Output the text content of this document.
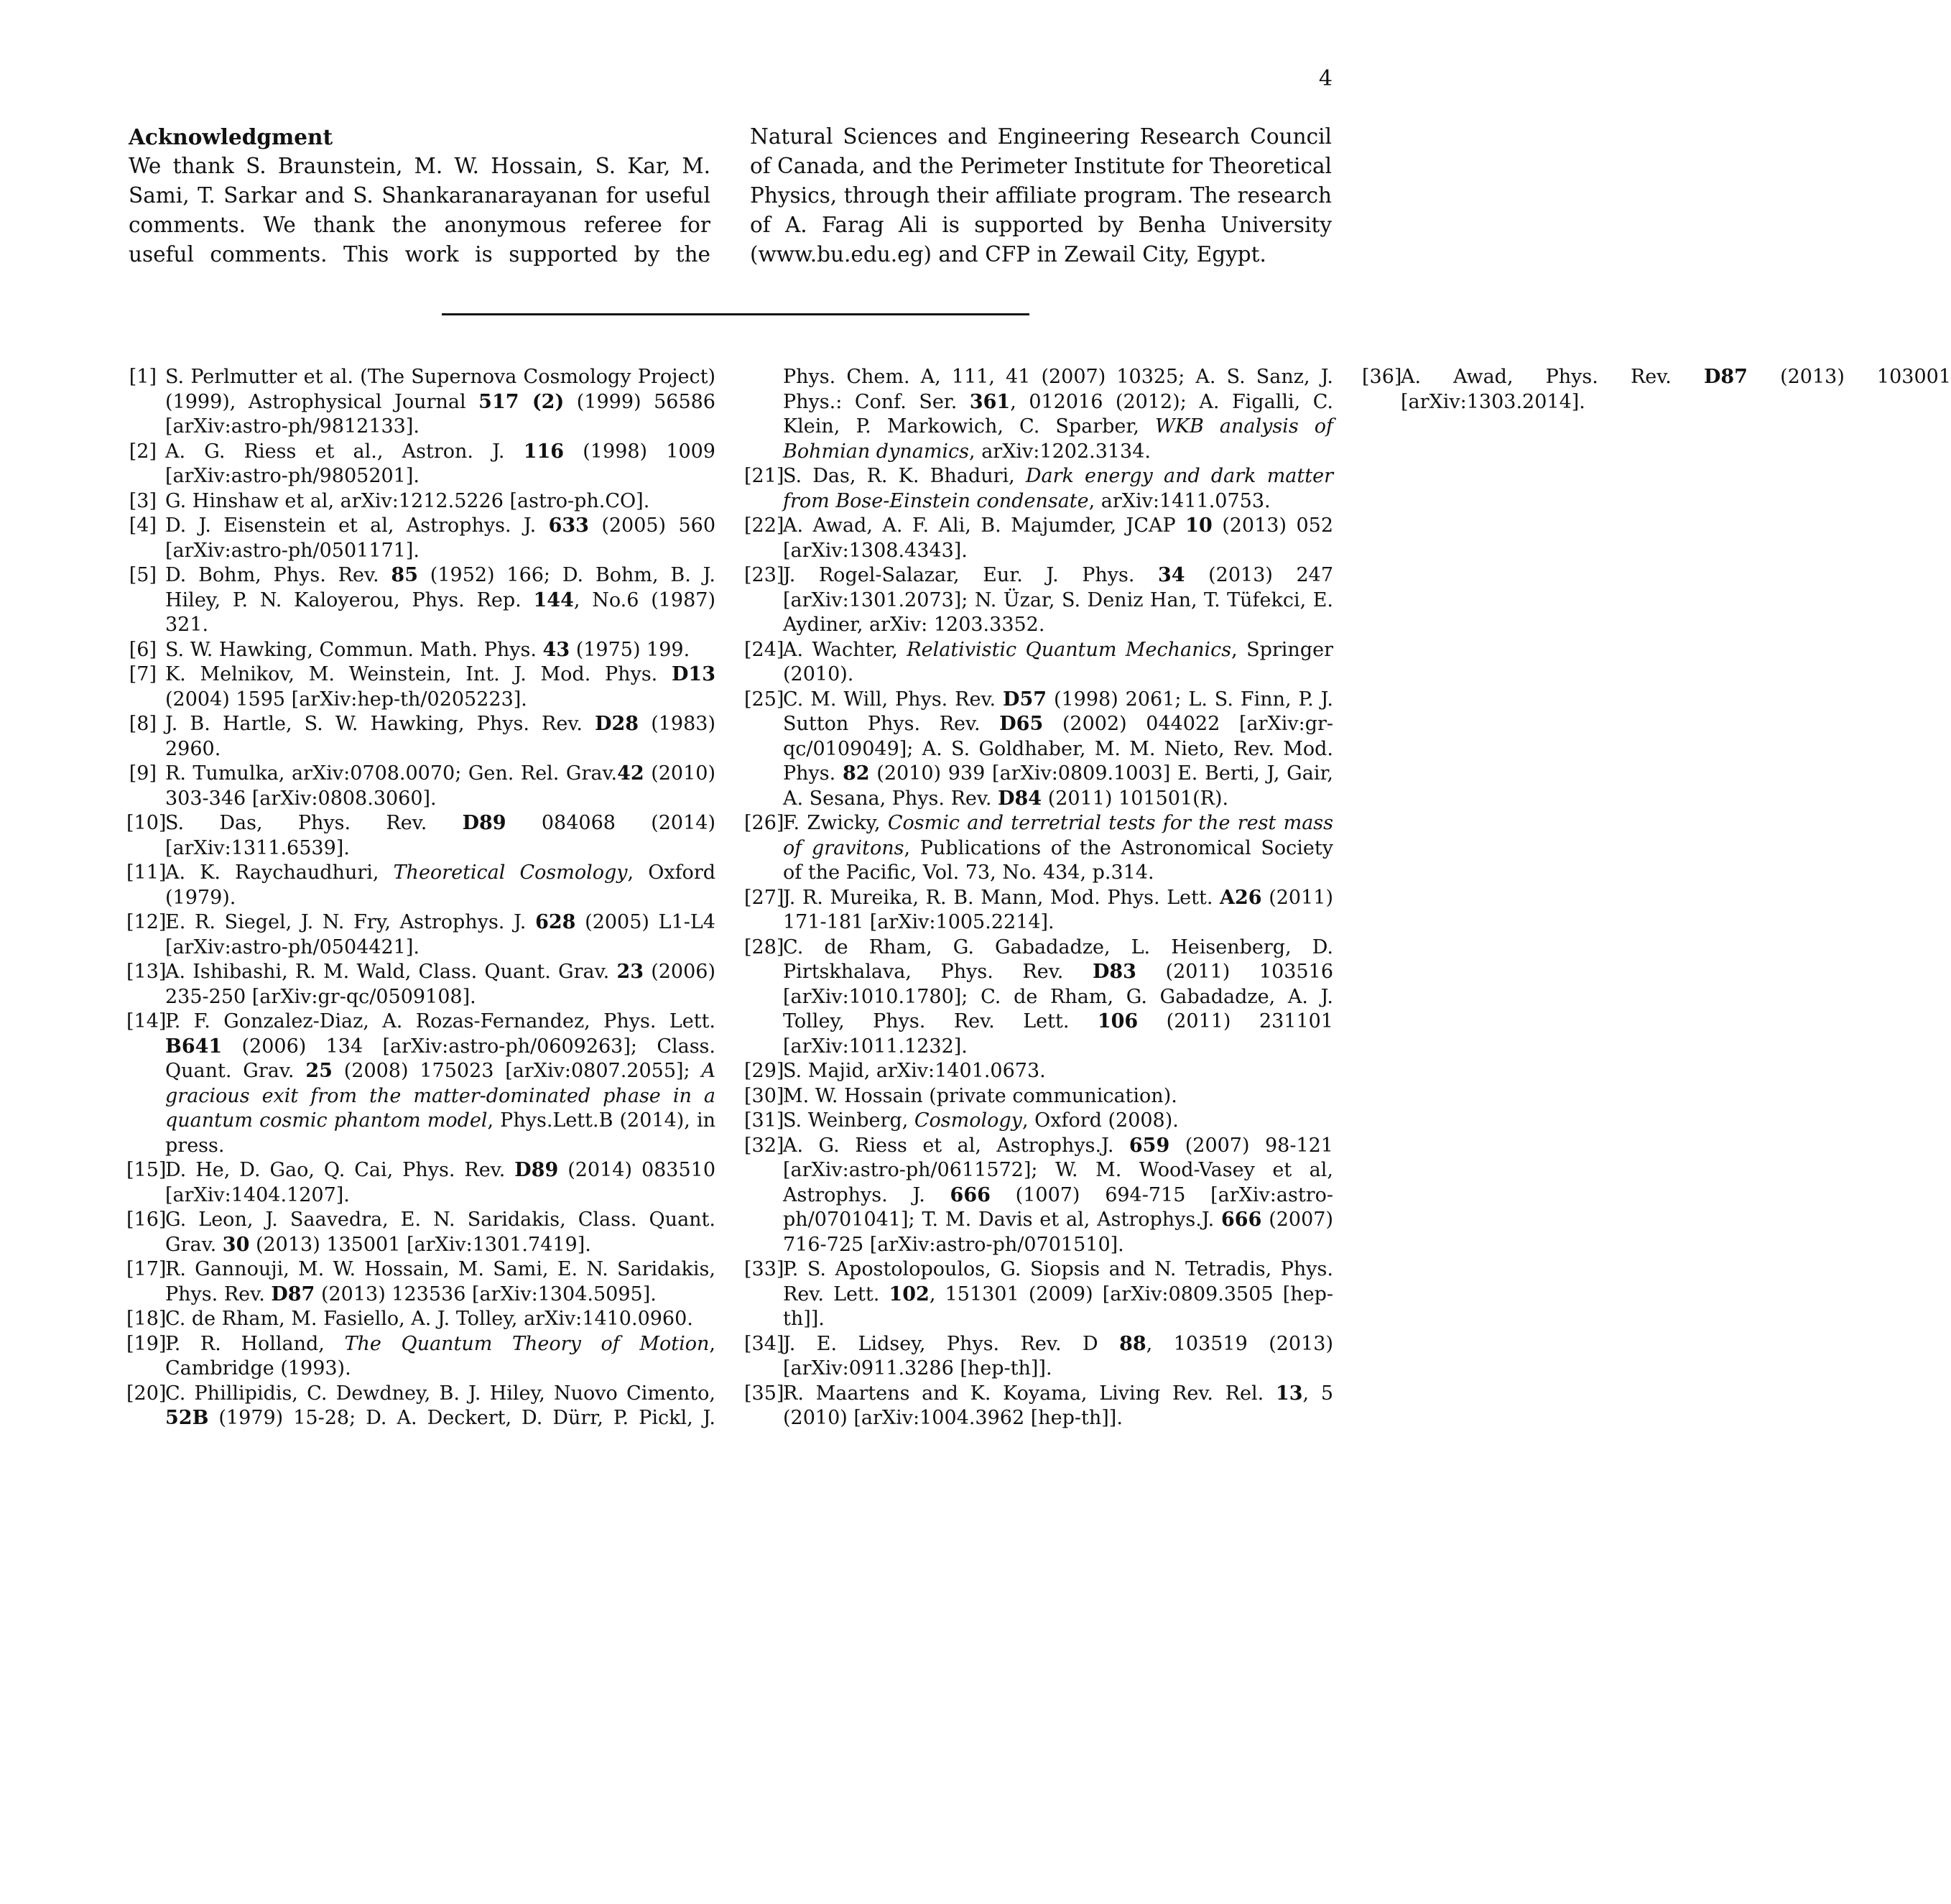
4
Acknowledgment
We thank S. Braunstein, M. W. Hossain, S. Kar, M. Sami, T. Sarkar and S. Shankaranarayanan for useful comments. We thank the anonymous referee for useful comments. This work is supported by the Natural Sciences and Engineering Research Council of Canada, and the Perimeter Institute for Theoretical Physics, through their affiliate program. The research of A. Farag Ali is supported by Benha University (www.bu.edu.eg) and CFP in Zewail City, Egypt.
[1] S. Perlmutter et al. (The Supernova Cosmology Project) (1999), Astrophysical Journal 517 (2) (1999) 56586 [arXiv:astro-ph/9812133].
[2] A. G. Riess et al., Astron. J. 116 (1998) 1009 [arXiv:astro-ph/9805201].
[3] G. Hinshaw et al, arXiv:1212.5226 [astro-ph.CO].
[4] D. J. Eisenstein et al, Astrophys. J. 633 (2005) 560 [arXiv:astro-ph/0501171].
[5] D. Bohm, Phys. Rev. 85 (1952) 166; D. Bohm, B. J. Hiley, P. N. Kaloyerou, Phys. Rep. 144, No.6 (1987) 321.
[6] S. W. Hawking, Commun. Math. Phys. 43 (1975) 199.
[7] K. Melnikov, M. Weinstein, Int. J. Mod. Phys. D13 (2004) 1595 [arXiv:hep-th/0205223].
[8] J. B. Hartle, S. W. Hawking, Phys. Rev. D28 (1983) 2960.
[9] R. Tumulka, arXiv:0708.0070; Gen. Rel. Grav.42 (2010) 303-346 [arXiv:0808.3060].
[10]
S. Das, Phys. Rev. D89 084068 (2014) [arXiv:1311.6539].
[11]
A. K. Raychaudhuri, Theoretical Cosmology, Oxford (1979).
[12]
E. R. Siegel, J. N. Fry, Astrophys. J. 628 (2005) L1-L4 [arXiv:astro-ph/0504421].
[13]
A. Ishibashi, R. M. Wald, Class. Quant. Grav. 23 (2006) 235-250 [arXiv:gr-qc/0509108].
[14]
P. F. Gonzalez-Diaz, A. Rozas-Fernandez, Phys. Lett. B641 (2006) 134 [arXiv:astro-ph/0609263]; Class. Quant. Grav. 25 (2008) 175023 [arXiv:0807.2055]; A gracious exit from the matter-dominated phase in a quantum cosmic phantom model, Phys.Lett.B (2014), in press.
[15]
D. He, D. Gao, Q. Cai, Phys. Rev. D89 (2014) 083510 [arXiv:1404.1207].
[16]
G. Leon, J. Saavedra, E. N. Saridakis, Class. Quant. Grav. 30 (2013) 135001 [arXiv:1301.7419].
[17]
R. Gannouji, M. W. Hossain, M. Sami, E. N. Saridakis, Phys. Rev. D87 (2013) 123536 [arXiv:1304.5095].
[18]
C. de Rham, M. Fasiello, A. J. Tolley, arXiv:1410.0960.
[19]
P. R. Holland, The Quantum Theory of Motion, Cambridge (1993).
[20]
C. Phillipidis, C. Dewdney, B. J. Hiley, Nuovo Cimento, 52B (1979) 15-28; D. A. Deckert, D. Dürr, P. Pickl, J. Phys. Chem. A, 111, 41 (2007) 10325; A. S. Sanz, J. Phys.: Conf. Ser. 361, 012016 (2012); A. Figalli, C. Klein, P. Markowich, C. Sparber, WKB analysis of Bohmian dynamics, arXiv:1202.3134.
[21]
S. Das, R. K. Bhaduri, Dark energy and dark matter from Bose-Einstein condensate, arXiv:1411.0753.
[22]
A. Awad, A. F. Ali, B. Majumder, JCAP 10 (2013) 052 [arXiv:1308.4343].
[23]
J. Rogel-Salazar, Eur. J. Phys. 34 (2013) 247 [arXiv:1301.2073]; N. Üzar, S. Deniz Han, T. Tüfekci, E. Aydiner, arXiv: 1203.3352.
[24]
A. Wachter, Relativistic Quantum Mechanics, Springer (2010).
[25]
C. M. Will, Phys. Rev. D57 (1998) 2061; L. S. Finn, P. J. Sutton Phys. Rev. D65 (2002) 044022 [arXiv:gr-qc/0109049]; A. S. Goldhaber, M. M. Nieto, Rev. Mod. Phys. 82 (2010) 939 [arXiv:0809.1003] E. Berti, J, Gair, A. Sesana, Phys. Rev. D84 (2011) 101501(R).
[26]
F. Zwicky, Cosmic and terretrial tests for the rest mass of gravitons, Publications of the Astronomical Society of the Pacific, Vol. 73, No. 434, p.314.
[27]
J. R. Mureika, R. B. Mann, Mod. Phys. Lett. A26 (2011) 171-181 [arXiv:1005.2214].
[28]
C. de Rham, G. Gabadadze, L. Heisenberg, D. Pirtskhalava, Phys. Rev. D83 (2011) 103516 [arXiv:1010.1780]; C. de Rham, G. Gabadadze, A. J. Tolley, Phys. Rev. Lett. 106 (2011) 231101 [arXiv:1011.1232].
[29]
S. Majid, arXiv:1401.0673.
[30]
M. W. Hossain (private communication).
[31]
S. Weinberg, Cosmology, Oxford (2008).
[32]
A. G. Riess et al, Astrophys.J. 659 (2007) 98-121 [arXiv:astro-ph/0611572]; W. M. Wood-Vasey et al, Astrophys. J. 666 (1007) 694-715 [arXiv:astro-ph/0701041]; T. M. Davis et al, Astrophys.J. 666 (2007) 716-725 [arXiv:astro-ph/0701510].
[33]
P. S. Apostolopoulos, G. Siopsis and N. Tetradis, Phys. Rev. Lett. 102, 151301 (2009) [arXiv:0809.3505 [hep-th]].
[34]
J. E. Lidsey, Phys. Rev. D 88, 103519 (2013) [arXiv:0911.3286 [hep-th]].
[35]
R. Maartens and K. Koyama, Living Rev. Rel. 13, 5 (2010) [arXiv:1004.3962 [hep-th]].
[36]
A. Awad, Phys. Rev. D87 (2013) 103001 [arXiv:1303.2014].
